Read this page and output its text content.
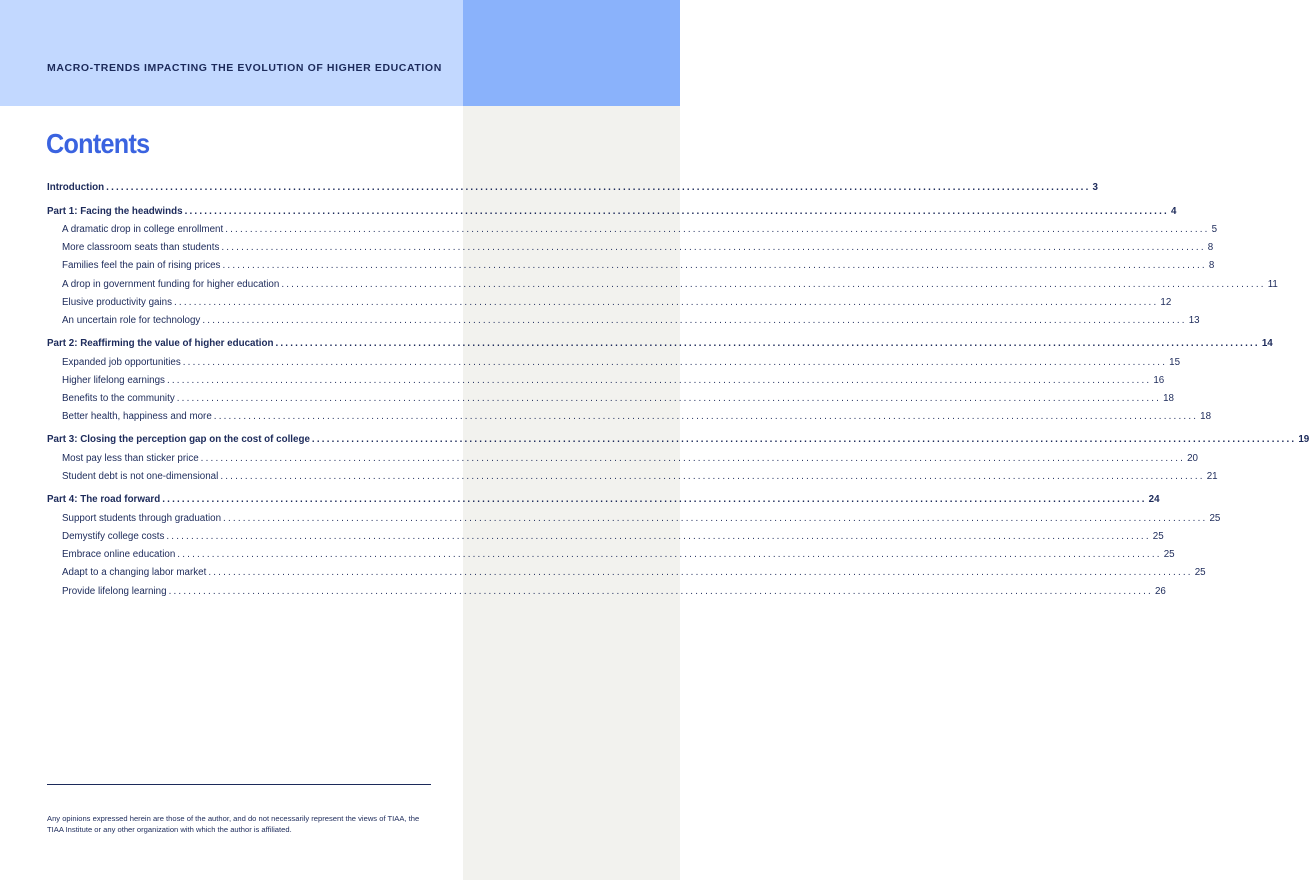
MACRO-TRENDS IMPACTING THE EVOLUTION OF HIGHER EDUCATION
Contents
Introduction ........................................................................................................................................................................................................ 3
Part 1: Facing the headwinds ........................................................................................................................................................................................................ 4
A dramatic drop in college enrollment ........................................................................................................................................................................................................ 5
More classroom seats than students ........................................................................................................................................................................................................ 8
Families feel the pain of rising prices ........................................................................................................................................................................................................ 8
A drop in government funding for higher education ........................................................................................................................................................................................................ 11
Elusive productivity gains ........................................................................................................................................................................................................ 12
An uncertain role for technology ........................................................................................................................................................................................................ 13
Part 2: Reaffirming the value of higher education ........................................................................................................................................................................................................ 14
Expanded job opportunities ........................................................................................................................................................................................................ 15
Higher lifelong earnings ........................................................................................................................................................................................................ 16
Benefits to the community ........................................................................................................................................................................................................ 18
Better health, happiness and more ........................................................................................................................................................................................................ 18
Part 3: Closing the perception gap on the cost of college ........................................................................................................................................................................................................ 19
Most pay less than sticker price ........................................................................................................................................................................................................ 20
Student debt is not one-dimensional ........................................................................................................................................................................................................ 21
Part 4: The road forward ........................................................................................................................................................................................................ 24
Support students through graduation ........................................................................................................................................................................................................ 25
Demystify college costs ........................................................................................................................................................................................................ 25
Embrace online education ........................................................................................................................................................................................................ 25
Adapt to a changing labor market ........................................................................................................................................................................................................ 25
Provide lifelong learning ........................................................................................................................................................................................................ 26
Any opinions expressed herein are those of the author, and do not necessarily represent the views of TIAA, the TIAA Institute or any other organization with which the author is affiliated.
